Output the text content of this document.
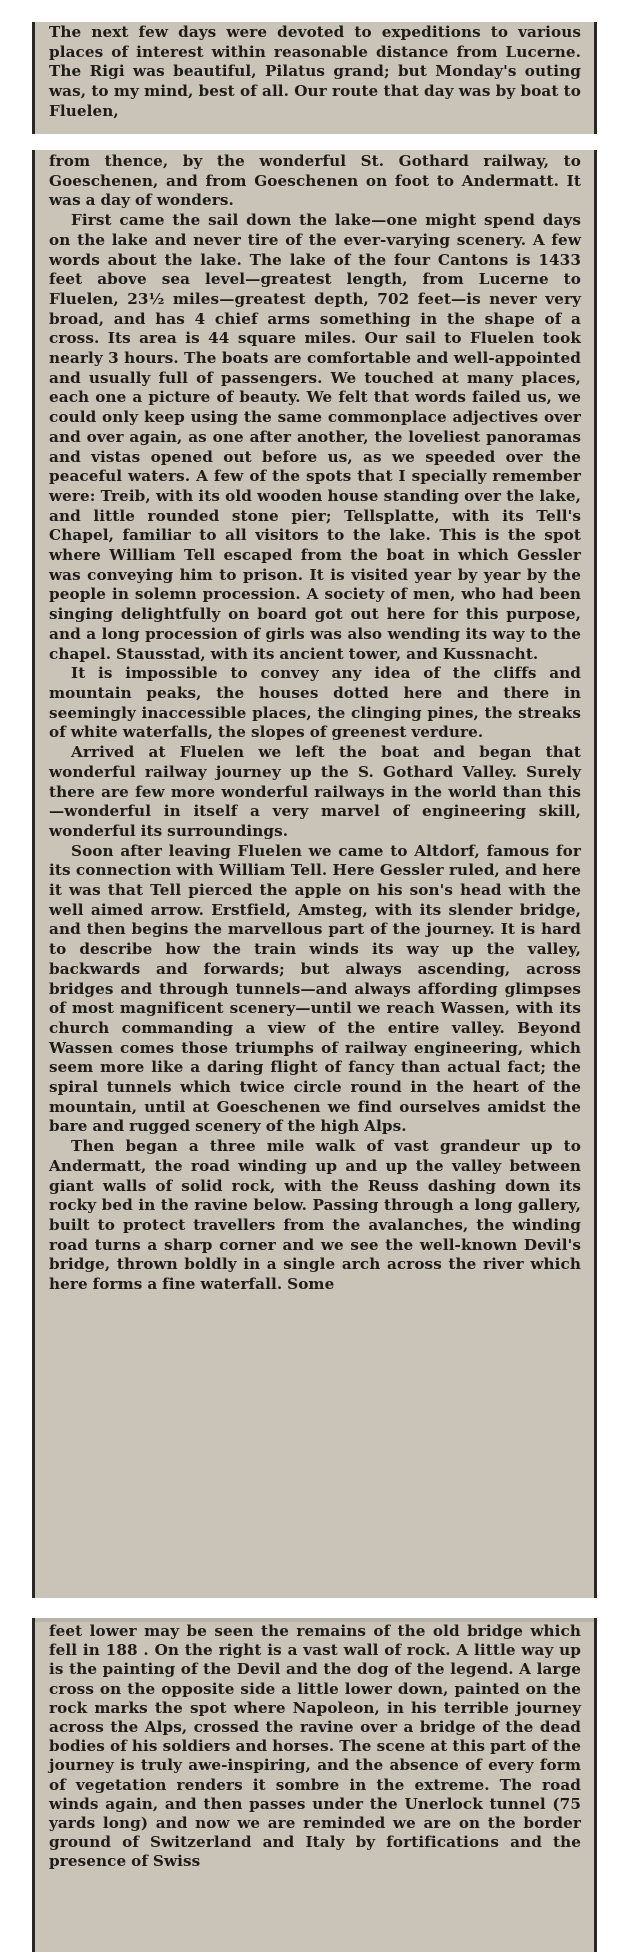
The next few days were devoted to expeditions to various places of interest within reasonable distance from Lucerne. The Rigi was beautiful, Pilatus grand; but Monday's outing was, to my mind, best of all. Our route that day was by boat to Fluelen,

from thence, by the wonderful St. Gothard railway, to Goeschenen, and from Goeschenen on foot to Andermatt. It was a day of wonders.

First came the sail down the lake—one might spend days on the lake and never tire of the ever-varying scenery. A few words about the lake. The lake of the four Cantons is 1433 feet above sea level—greatest length, from Lucerne to Fluelen, 23½ miles—greatest depth, 702 feet—is never very broad, and has 4 chief arms something in the shape of a cross. Its area is 44 square miles. Our sail to Fluelen took nearly 3 hours. The boats are comfortable and well-appointed and usually full of passengers. We touched at many places, each one a picture of beauty. We felt that words failed us, we could only keep using the same commonplace adjectives over and over again, as one after another, the loveliest panoramas and vistas opened out before us, as we speeded over the peaceful waters. A few of the spots that I specially remember were: Treib, with its old wooden house standing over the lake, and little rounded stone pier; Tellsplatte, with its Tell's Chapel, familiar to all visitors to the lake. This is the spot where William Tell escaped from the boat in which Gessler was conveying him to prison. It is visited year by year by the people in solemn procession. A society of men, who had been singing delightfully on board got out here for this purpose, and a long procession of girls was also wending its way to the chapel. Stausstad, with its ancient tower, and Kussnacht.

It is impossible to convey any idea of the cliffs and mountain peaks, the houses dotted here and there in seemingly inaccessible places, the clinging pines, the streaks of white waterfalls, the slopes of greenest verdure.

Arrived at Fluelen we left the boat and began that wonderful railway journey up the S. Gothard Valley. Surely there are few more wonderful railways in the world than this—wonderful in itself a very marvel of engineering skill, wonderful its surroundings.

Soon after leaving Fluelen we came to Altdorf, famous for its connection with William Tell. Here Gessler ruled, and here it was that Tell pierced the apple on his son's head with the well aimed arrow. Erstfield, Amsteg, with its slender bridge, and then begins the marvellous part of the journey. It is hard to describe how the train winds its way up the valley, backwards and forwards; but always ascending, across bridges and through tunnels—and always affording glimpses of most magnificent scenery—until we reach Wassen, with its church commanding a view of the entire valley. Beyond Wassen comes those triumphs of railway engineering, which seem more like a daring flight of fancy than actual fact; the spiral tunnels which twice circle round in the heart of the mountain, until at Goeschenen we find ourselves amidst the bare and rugged scenery of the high Alps.

Then began a three mile walk of vast grandeur up to Andermatt, the road winding up and up the valley between giant walls of solid rock, with the Reuss dashing down its rocky bed in the ravine below. Passing through a long gallery, built to protect travellers from the avalanches, the winding road turns a sharp corner and we see the well-known Devil's bridge, thrown boldly in a single arch across the river which here forms a fine waterfall. Some

feet lower may be seen the remains of the old bridge which fell in 188 . On the right is a vast wall of rock. A little way up is the painting of the Devil and the dog of the legend. A large cross on the opposite side a little lower down, painted on the rock marks the spot where Napoleon, in his terrible journey across the Alps, crossed the ravine over a bridge of the dead bodies of his soldiers and horses. The scene at this part of the journey is truly awe-inspiring, and the absence of every form of vegetation renders it sombre in the extreme. The road winds again, and then passes under the Unerlock tunnel (75 yards long) and now we are reminded we are on the border ground of Switzerland and Italy by fortifications and the presence of Swiss
